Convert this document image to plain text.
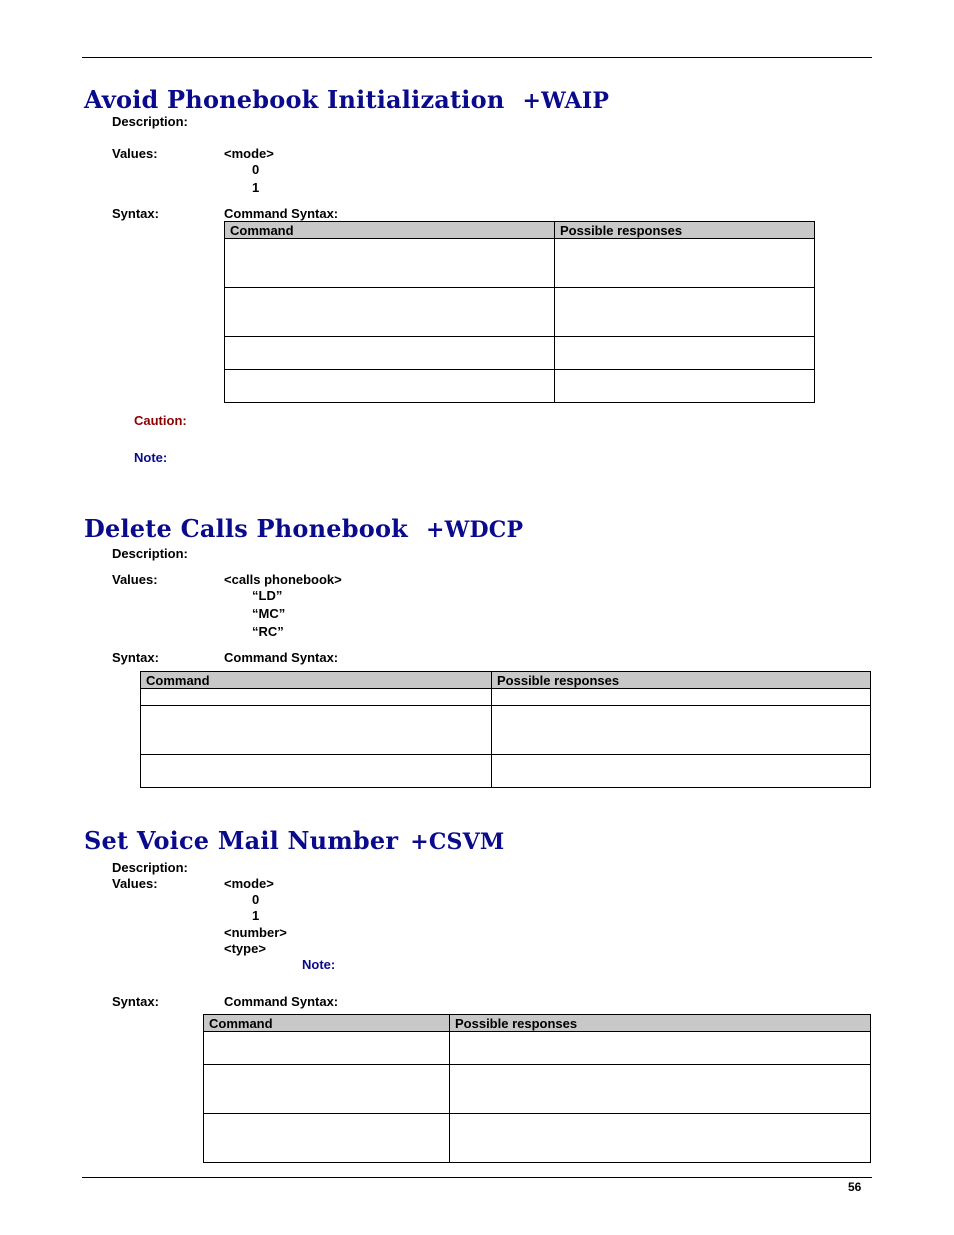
Avoid Phonebook Initialization +WAIP
Description:
Values:	<mode>
0
1
Syntax:	Command Syntax:
Command	Possible responses

Caution:
Note:
Delete Calls Phonebook +WDCP
Description:
Values:	<calls phonebook>
“LD”
“MC”
“RC”
Syntax:	Command Syntax:
Command	Possible responses

Set Voice Mail Number +CSVM
Description:
Values:	<mode>
0
1
<number>
<type>
Note:
Syntax:	Command Syntax:
Command	Possible responses

56
